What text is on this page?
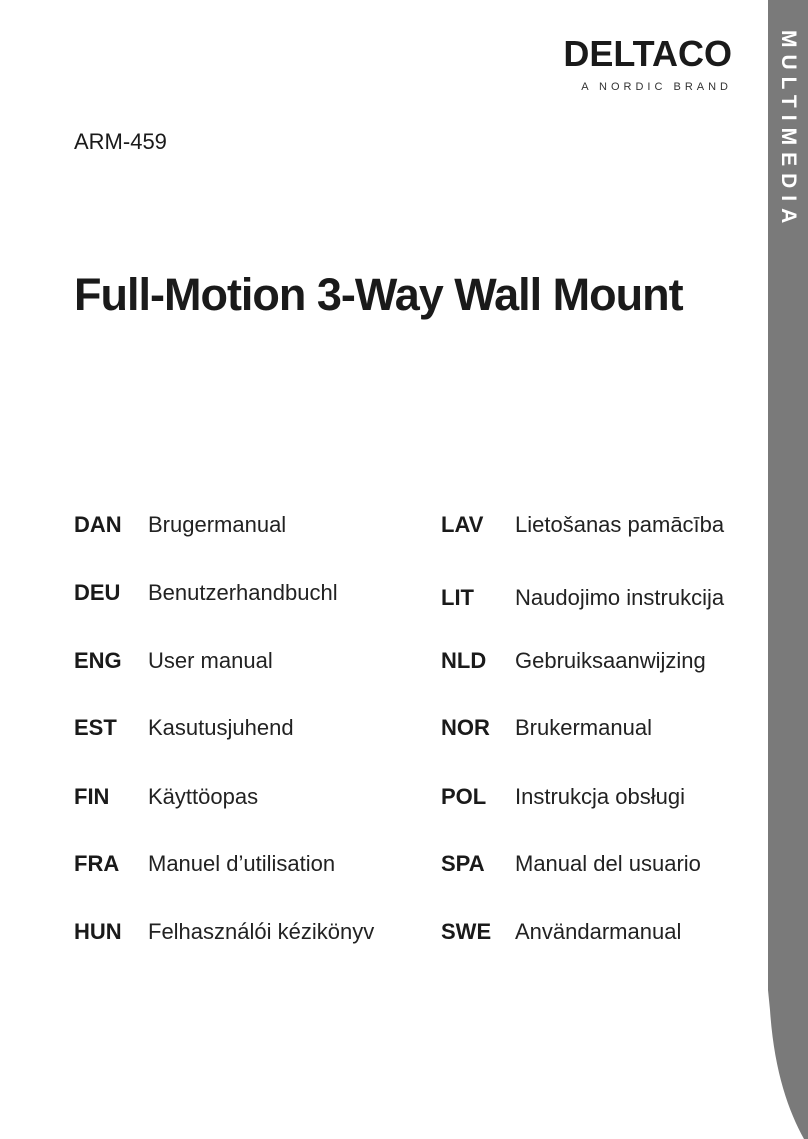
MULTIMEDIA
DELTACO
A NORDIC BRAND
ARM-459
Full-Motion 3-Way Wall Mount
DAN Brugermanual
DEU Benutzerhandbuchl
ENG User manual
EST Kasutusjuhend
FIN Käyttöopas
FRA Manuel d’utilisation
HUN Felhasználói kézikönyv
LAV Lietošanas pamācība
LIT Naudojimo instrukcija
NLD Gebruiksaanwijzing
NOR Brukermanual
POL Instrukcja obsługi
SPA Manual del usuario
SWE Användarmanual
